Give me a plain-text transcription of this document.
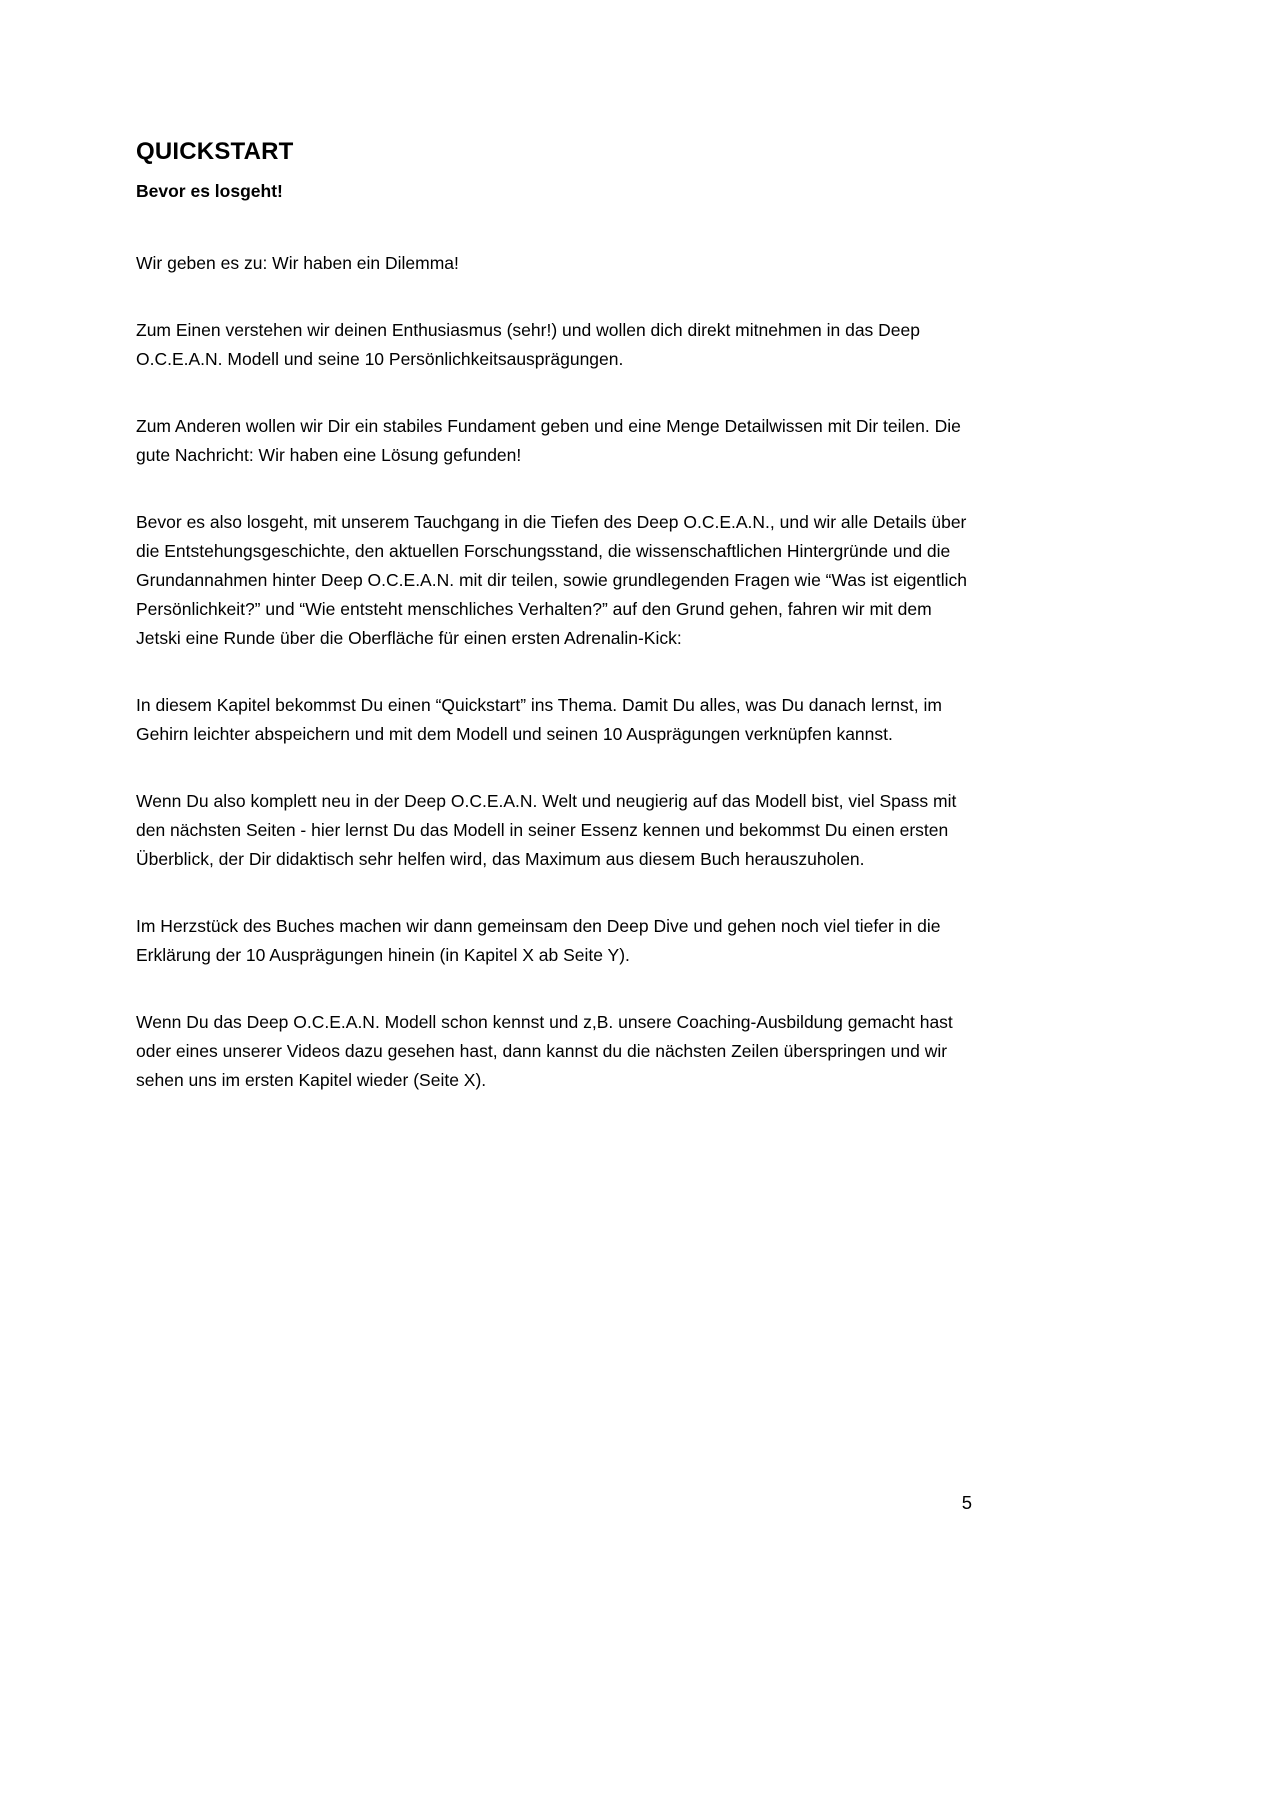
QUICKSTART
Bevor es losgeht!

Wir geben es zu: Wir haben ein Dilemma!

Zum Einen verstehen wir deinen Enthusiasmus (sehr!) und wollen dich direkt mitnehmen in das Deep O.C.E.A.N. Modell und seine 10 Persönlichkeitsausprägungen.

Zum Anderen wollen wir Dir ein stabiles Fundament geben und eine Menge Detailwissen mit Dir teilen. Die gute Nachricht: Wir haben eine Lösung gefunden!

Bevor es also losgeht, mit unserem Tauchgang in die Tiefen des Deep O.C.E.A.N., und wir alle Details über die Entstehungsgeschichte, den aktuellen Forschungsstand, die wissenschaftlichen Hintergründe und die Grundannahmen hinter Deep O.C.E.A.N. mit dir teilen, sowie grundlegenden Fragen wie “Was ist eigentlich Persönlichkeit?” und “Wie entsteht menschliches Verhalten?” auf den Grund gehen, fahren wir mit dem Jetski eine Runde über die Oberfläche für einen ersten Adrenalin-Kick:

In diesem Kapitel bekommst Du einen “Quickstart” ins Thema. Damit Du alles, was Du danach lernst, im Gehirn leichter abspeichern und mit dem Modell und seinen 10 Ausprägungen verknüpfen kannst.

Wenn Du also komplett neu in der Deep O.C.E.A.N. Welt und neugierig auf das Modell bist, viel Spass mit den nächsten Seiten - hier lernst Du das Modell in seiner Essenz kennen und bekommst Du einen ersten Überblick, der Dir didaktisch sehr helfen wird, das Maximum aus diesem Buch herauszuholen.

Im Herzstück des Buches machen wir dann gemeinsam den Deep Dive und gehen noch viel tiefer in die Erklärung der 10 Ausprägungen hinein (in Kapitel X ab Seite Y).

Wenn Du das Deep O.C.E.A.N. Modell schon kennst und z,B. unsere Coaching-Ausbildung gemacht hast oder eines unserer Videos dazu gesehen hast, dann kannst du die nächsten Zeilen überspringen und wir sehen uns im ersten Kapitel wieder (Seite X).

5
